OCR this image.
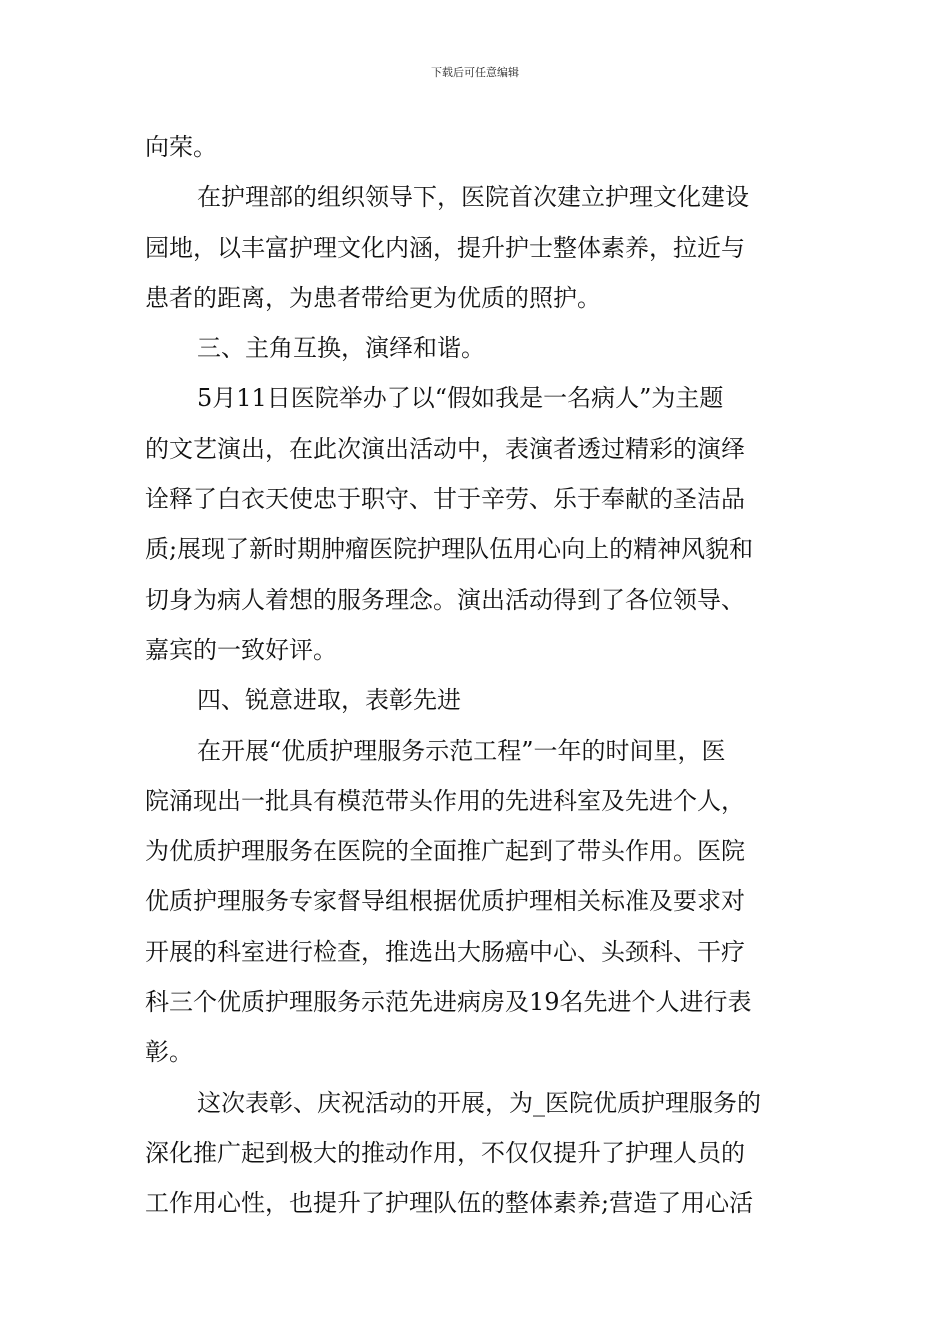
下载后可任意编辑
向荣。
在护理部的组织领导下，医院首次建立护理文化建设
园地，以丰富护理文化内涵，提升护士整体素养，拉近与
患者的距离，为患者带给更为优质的照护。
三、主角互换，演绎和谐。
5月11日医院举办了以“假如我是一名病人”为主题
的文艺演出，在此次演出活动中，表演者透过精彩的演绎
诠释了白衣天使忠于职守、甘于辛劳、乐于奉献的圣洁品
质;展现了新时期肿瘤医院护理队伍用心向上的精神风貌和
切身为病人着想的服务理念。演出活动得到了各位领导、
嘉宾的一致好评。
四、锐意进取，表彰先进
在开展“优质护理服务示范工程”一年的时间里，医
院涌现出一批具有模范带头作用的先进科室及先进个人，
为优质护理服务在医院的全面推广起到了带头作用。医院
优质护理服务专家督导组根据优质护理相关标准及要求对
开展的科室进行检查，推选出大肠癌中心、头颈科、干疗
科三个优质护理服务示范先进病房及19名先进个人进行表
彰。
这次表彰、庆祝活动的开展，为_医院优质护理服务的
深化推广起到极大的推动作用，不仅仅提升了护理人员的
工作用心性，也提升了护理队伍的整体素养;营造了用心活
